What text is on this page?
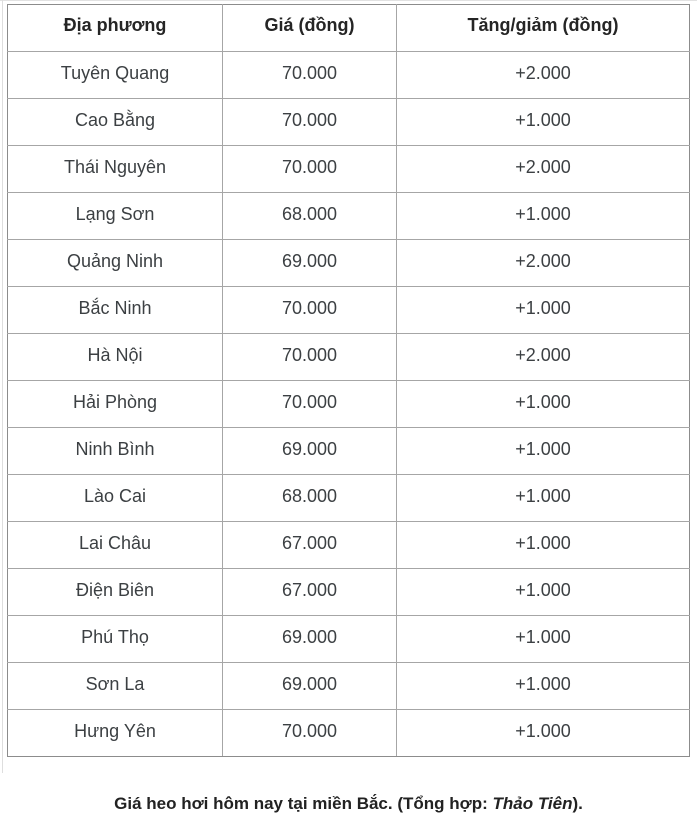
Địa phương	Giá (đồng)	Tăng/giảm (đồng)
Tuyên Quang	70.000	+2.000
Cao Bằng	70.000	+1.000
Thái Nguyên	70.000	+2.000
Lạng Sơn	68.000	+1.000
Quảng Ninh	69.000	+2.000
Bắc Ninh	70.000	+1.000
Hà Nội	70.000	+2.000
Hải Phòng	70.000	+1.000
Ninh Bình	69.000	+1.000
Lào Cai	68.000	+1.000
Lai Châu	67.000	+1.000
Điện Biên	67.000	+1.000
Phú Thọ	69.000	+1.000
Sơn La	69.000	+1.000
Hưng Yên	70.000	+1.000
Giá heo hơi hôm nay tại miền Bắc. (Tổng hợp: Thảo Tiên).
